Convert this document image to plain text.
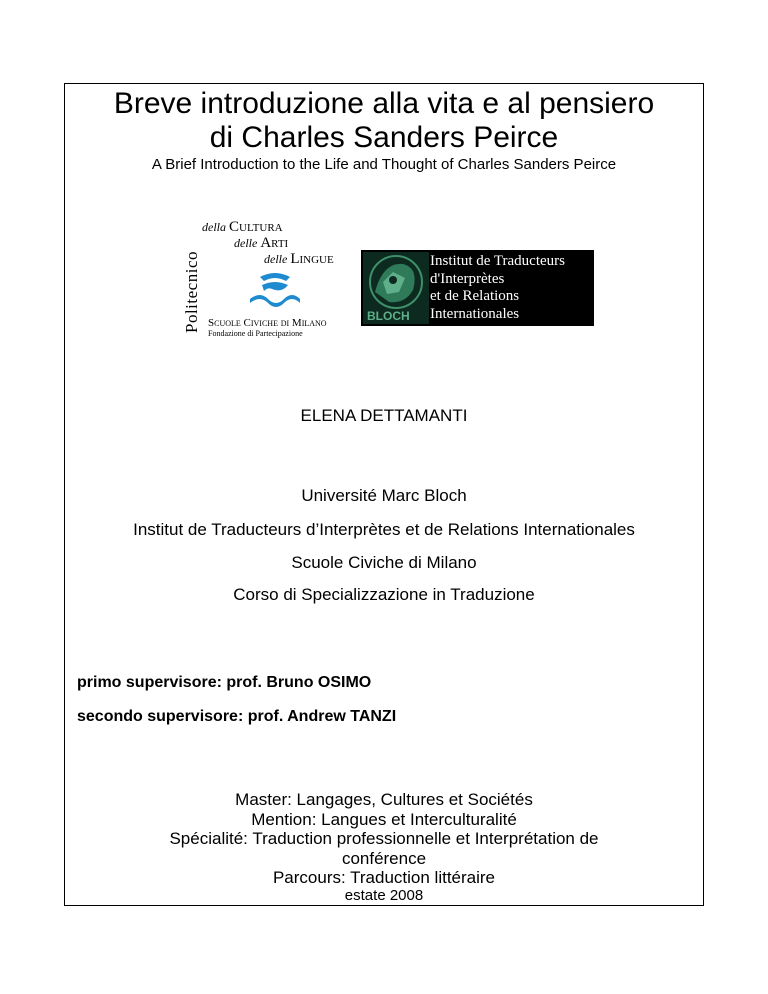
Breve introduzione alla vita e al pensiero
di Charles Sanders Peirce
A Brief Introduction to the Life and Thought of Charles Sanders Peirce
Politecnico
della Cultura
delle Arti
delle Lingue
Scuole Civiche di Milano
Fondazione di Partecipazione
BLOCH
Institut de Traducteurs
d'Interprètes
et de Relations
Internationales
ELENA DETTAMANTI
Université Marc Bloch
Institut de Traducteurs d’Interprètes et de Relations Internationales
Scuole Civiche di Milano
Corso di Specializzazione in Traduzione
primo supervisore: prof. Bruno OSIMO
secondo supervisore: prof. Andrew TANZI
Master: Langages, Cultures et Sociétés
Mention: Langues et Interculturalité
Spécialité: Traduction professionnelle et Interprétation de
conférence
Parcours: Traduction littéraire
estate 2008
